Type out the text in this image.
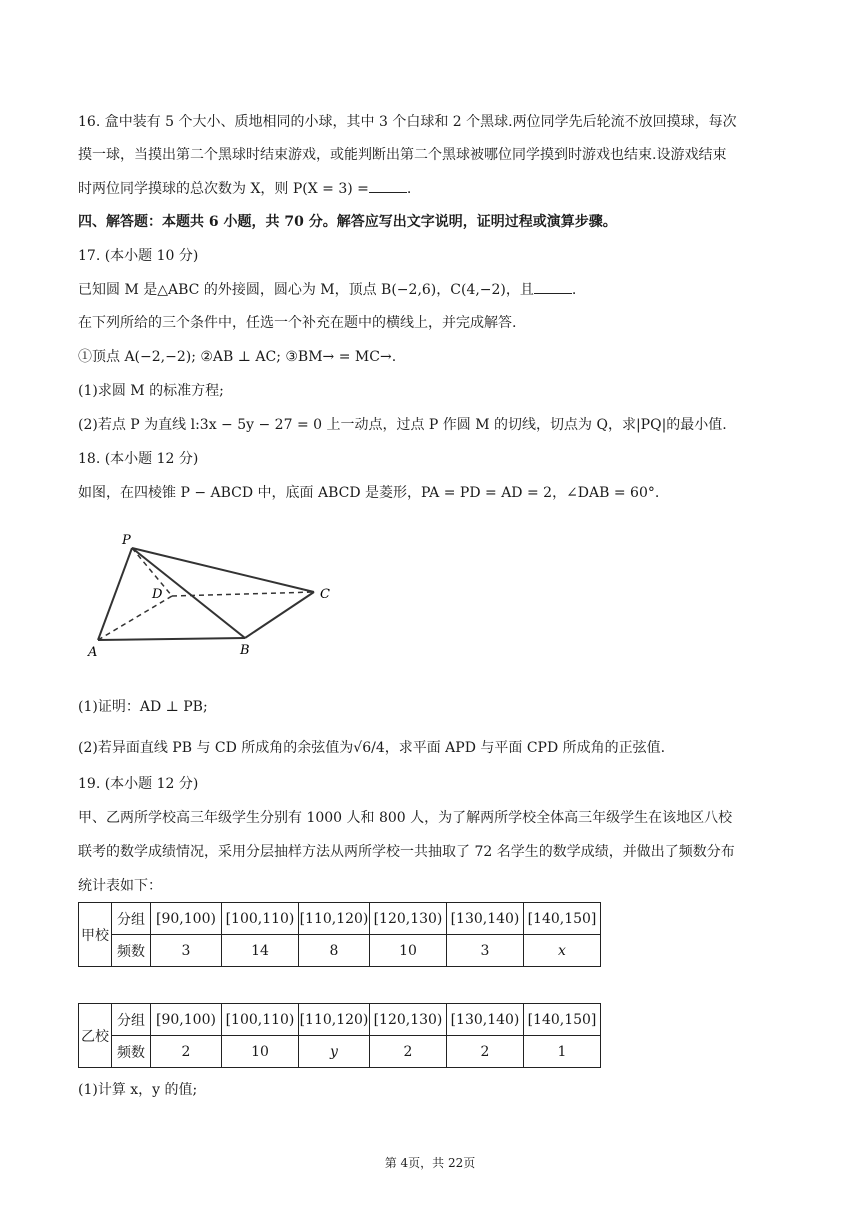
16. 盒中装有 5 个大小、质地相同的小球，其中 3 个白球和 2 个黑球.两位同学先后轮流不放回摸球，每次
摸一球，当摸出第二个黑球时结束游戏，或能判断出第二个黑球被哪位同学摸到时游戏也结束.设游戏结束
时两位同学摸球的总次数为 X，则 P(X = 3) =	.
四、解答题：本题共 6 小题，共 70 分。解答应写出文字说明，证明过程或演算步骤。
17. (本小题 10 分)
已知圆 M 是△ABC 的外接圆，圆心为 M，顶点 B(−2,6)，C(4,−2)，且	.
在下列所给的三个条件中，任选一个补充在题中的横线上，并完成解答.
①顶点 A(−2,−2); ②AB ⊥ AC; ③BM→ = MC→.
(1)求圆 M 的标准方程;
(2)若点 P 为直线 l:3x − 5y − 27 = 0 上一动点，过点 P 作圆 M 的切线，切点为 Q，求|PQ|的最小值.
18. (本小题 12 分)
如图，在四棱锥 P − ABCD 中，底面 ABCD 是菱形，PA = PD = AD = 2，∠DAB = 60°.
P
D	C
A	B
(1)证明：AD ⊥ PB;
(2)若异面直线 PB 与 CD 所成角的余弦值为√6/4，求平面 APD 与平面 CPD 所成角的正弦值.
19. (本小题 12 分)
甲、乙两所学校高三年级学生分别有 1000 人和 800 人，为了解两所学校全体高三年级学生在该地区八校
联考的数学成绩情况，采用分层抽样方法从两所学校一共抽取了 72 名学生的数学成绩，并做出了频数分布
统计表如下：
甲校	分组	[90,100)	[100,110)	[110,120)	[120,130)	[130,140)	[140,150]
	频数	3	14	8	10	3	x
乙校	分组	[90,100)	[100,110)	[110,120)	[120,130)	[130,140)	[140,150]
	频数	2	10	y	2	2	1
(1)计算 x，y 的值;
第 4页，共 22页
